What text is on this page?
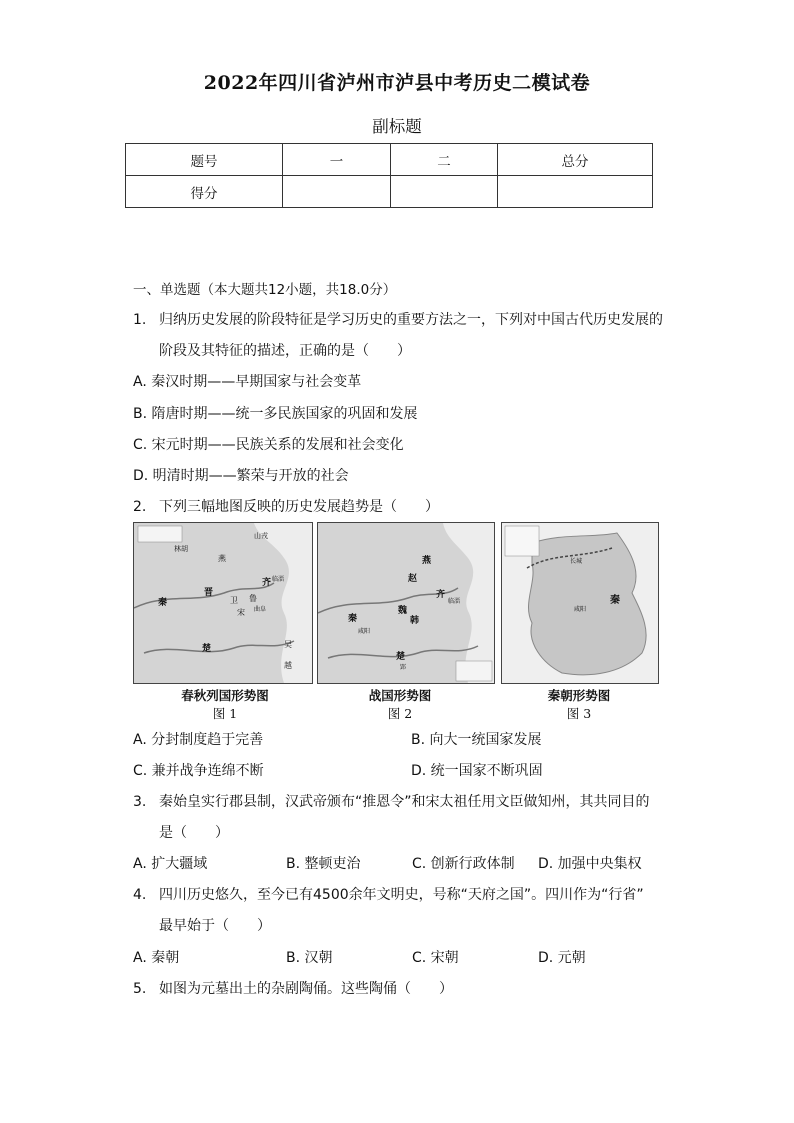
2022年四川省泸州市泸县中考历史二模试卷
副标题
题号	一	二	总分
得分			
一、单选题（本大题共12小题，共18.0分）
1. 归纳历史发展的阶段特征是学习历史的重要方法之一，下列对中国古代历史发展的
阶段及其特征的描述，正确的是（　　）
A. 秦汉时期——早期国家与社会变革
B. 隋唐时期——统一多民族国家的巩固和发展
C. 宋元时期——民族关系的发展和社会变化
D. 明清时期——繁荣与开放的社会
2. 下列三幅地图反映的历史发展趋势是（　　）
燕
齐
晋
卫 鲁
宋
秦
吴
楚
越
山戎
林胡
临淄
曲阜
春秋列国形势图
图 1
燕
赵
齐
魏
韩
秦
楚
临淄
咸阳
郢
战国形势图
图 2
秦
咸阳
长城
秦朝形势图
图 3
A. 分封制度趋于完善	B. 向大一统国家发展
C. 兼并战争连绵不断	D. 统一国家不断巩固
3. 秦始皇实行郡县制，汉武帝颁布“推恩令”和宋太祖任用文臣做知州，其共同目的
是（　　）
A. 扩大疆域	B. 整顿吏治	C. 创新行政体制 D. 加强中央集权
4. 四川历史悠久，至今已有4500余年文明史，号称“天府之国”。四川作为“行省”
最早始于（　　）
A. 秦朝	B. 汉朝	C. 宋朝	D. 元朝
5. 如图为元墓出土的杂剧陶俑。这些陶俑（　　）
